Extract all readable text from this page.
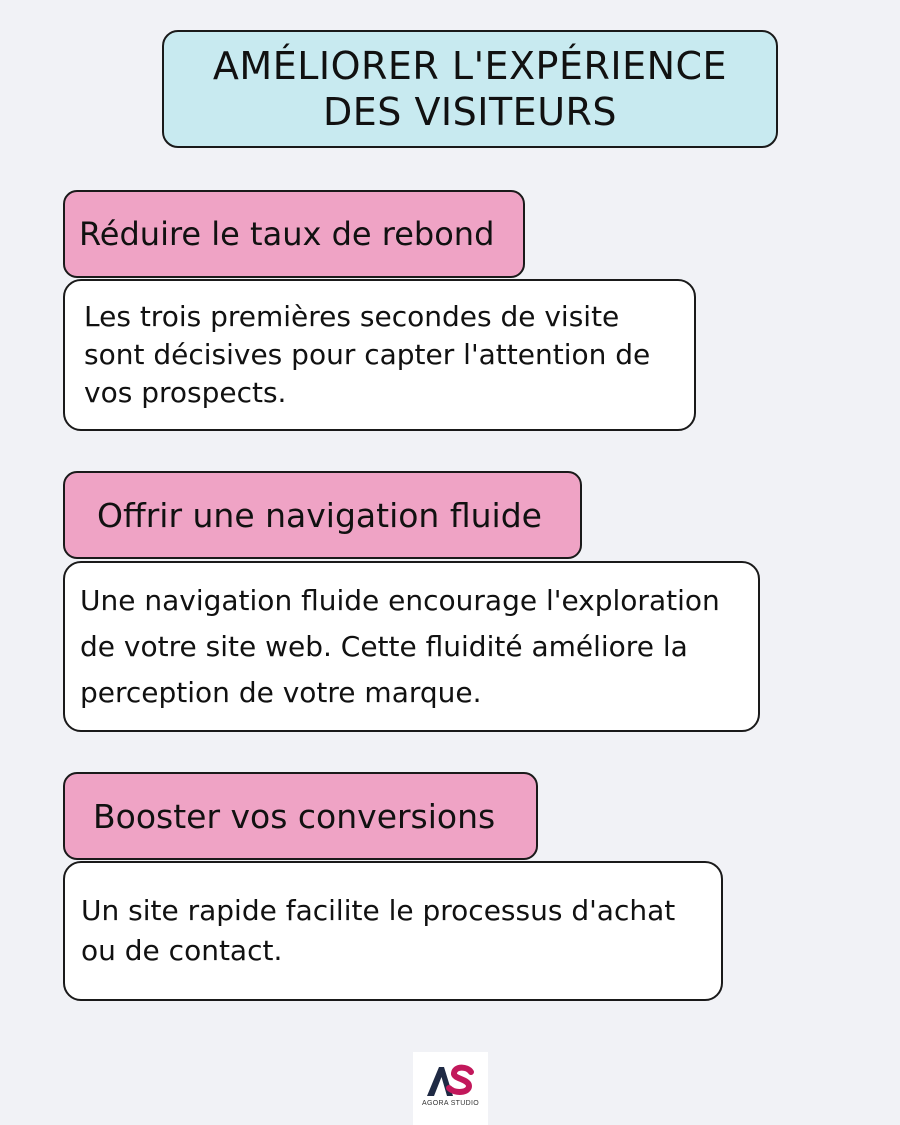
AMÉLIORER L'EXPÉRIENCE
DES VISITEURS
Réduire le taux de rebond
Les trois premières secondes de visite sont décisives pour capter l'attention de vos prospects.
Offrir une navigation fluide
Une navigation fluide encourage l'exploration de votre site web. Cette fluidité améliore la perception de votre marque.
Booster vos conversions
Un site rapide facilite le processus d'achat ou de contact.
AGORA STUDIO
